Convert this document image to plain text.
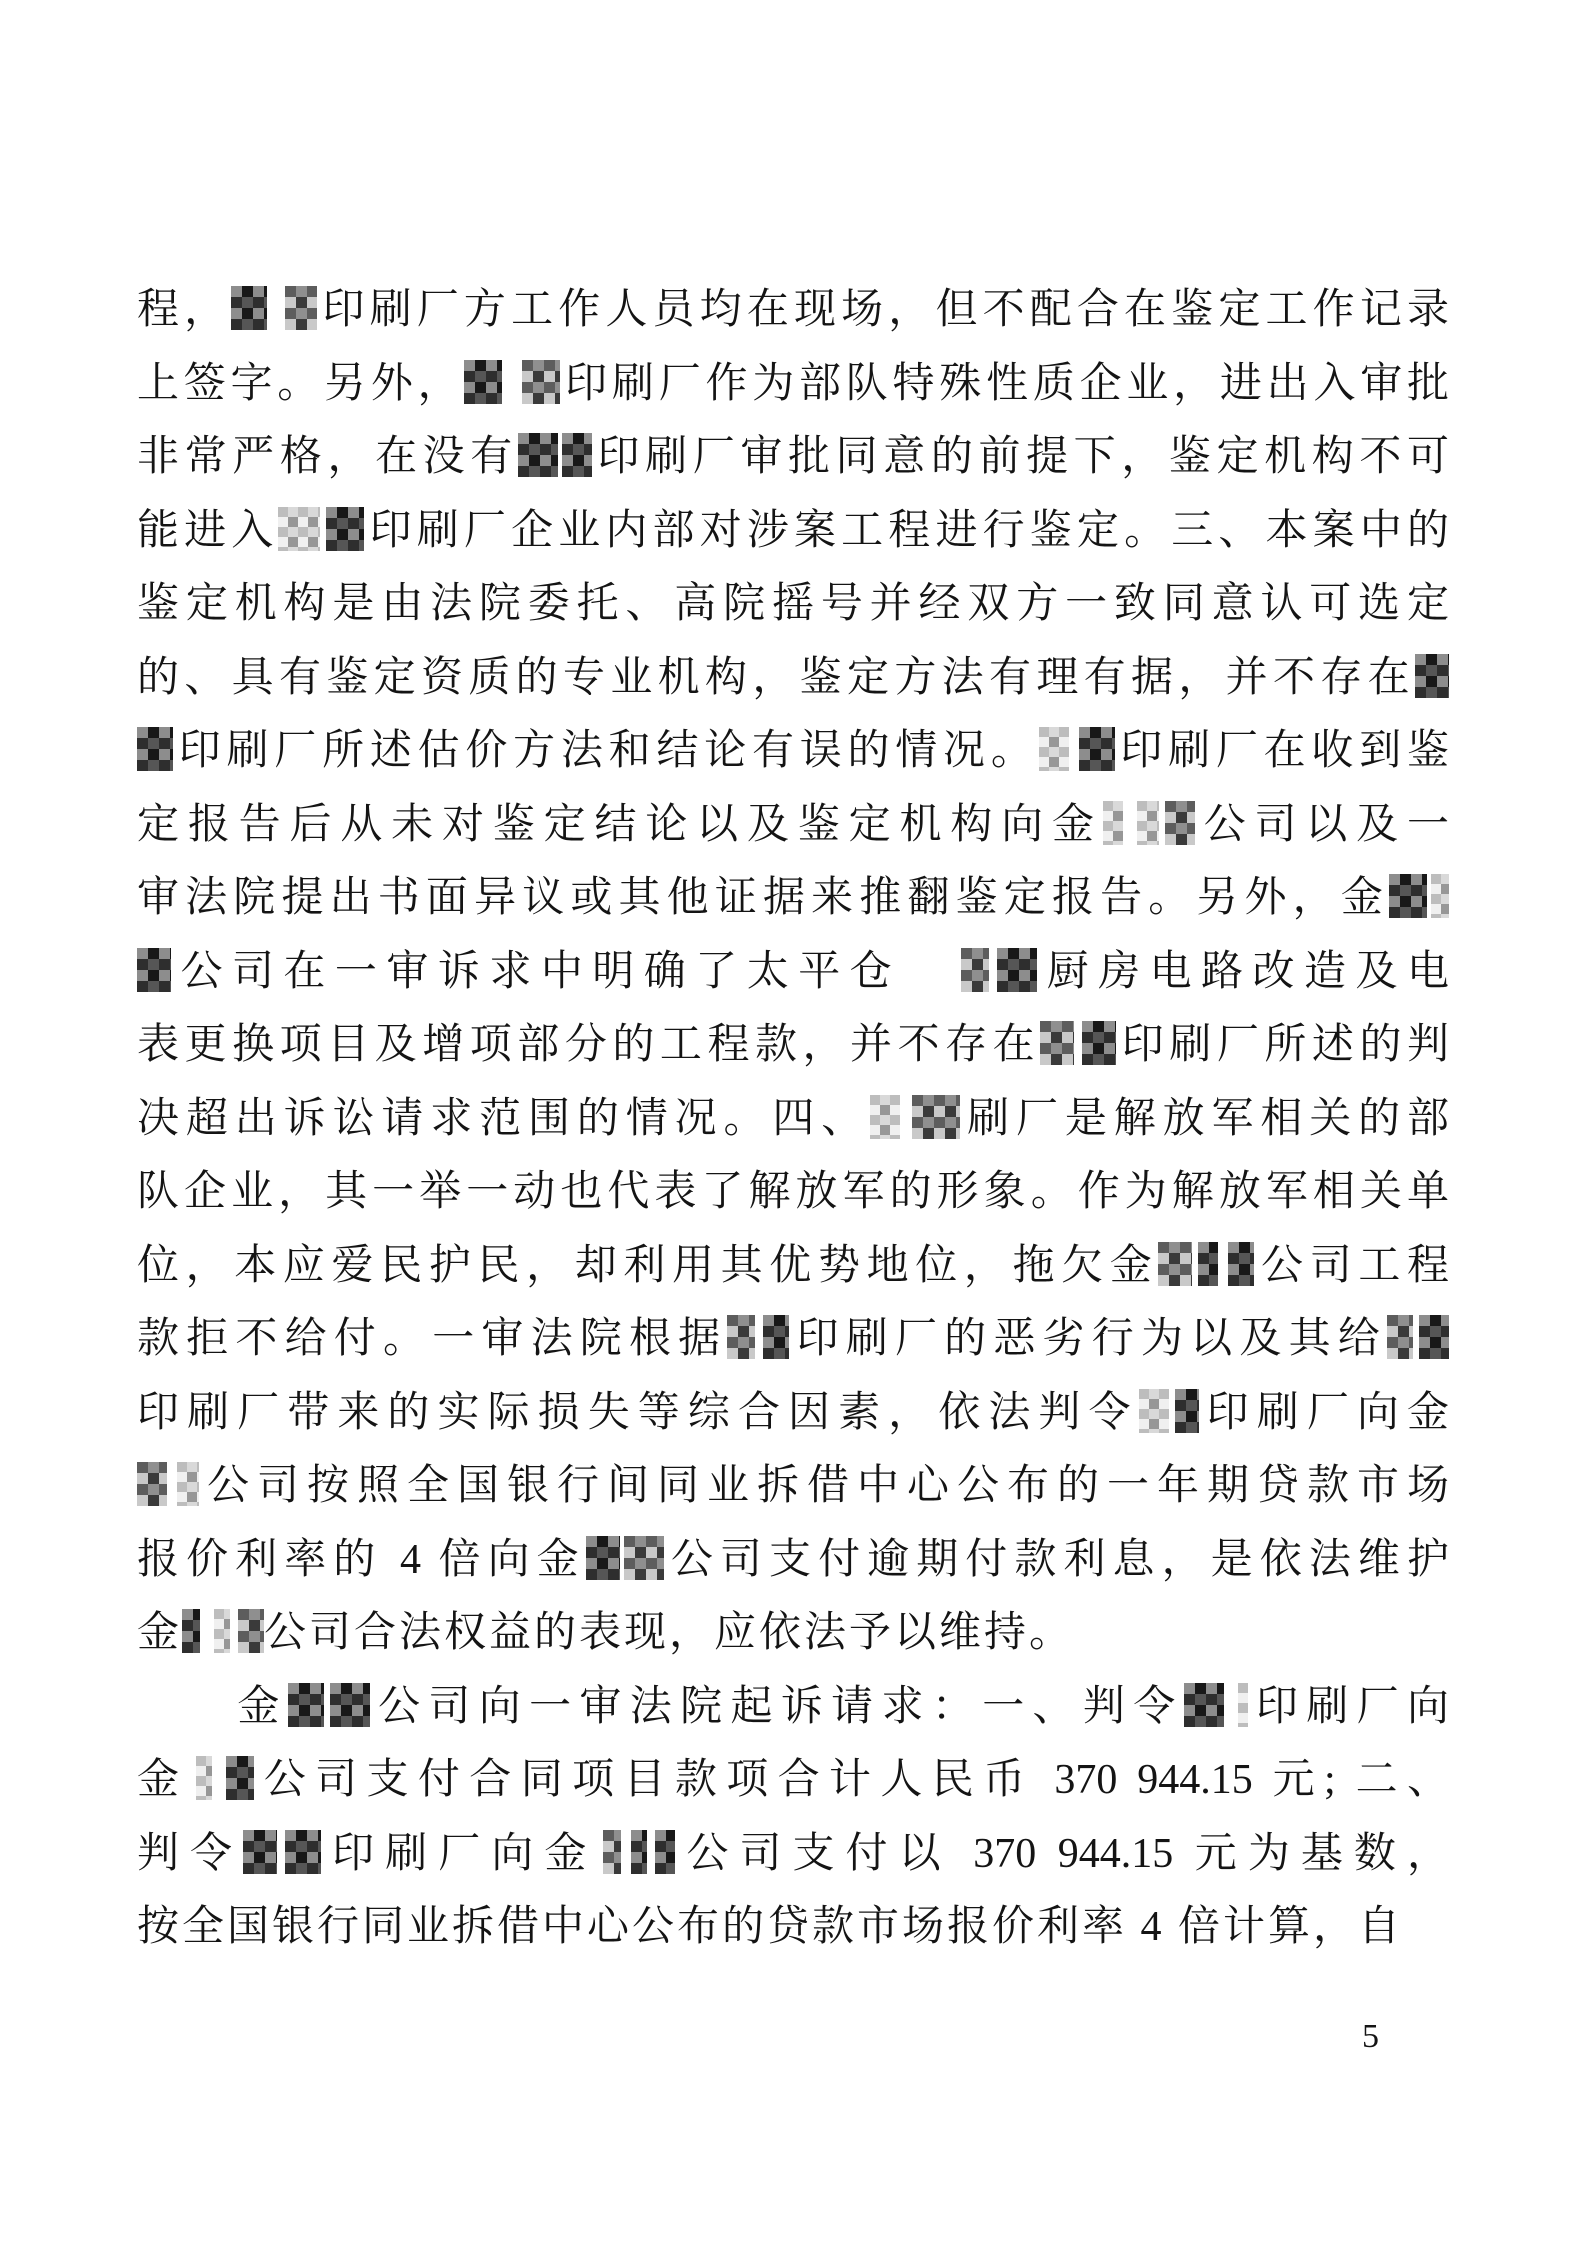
程， 印刷厂方工作人员均在现场，但不配合在鉴定工作记录
上签字。另外， 印刷厂作为部队特殊性质企业，进出入审批
非常严格，在没有 印刷厂审批同意的前提下，鉴定机构不可
能进入 印刷厂企业内部对涉案工程进行鉴定。三、本案中的
鉴定机构是由法院委托、高院摇号并经双方一致同意认可选定
的、具有鉴定资质的专业机构，鉴定方法有理有据，并不存在
印刷厂所述估价方法和结论有误的情况。 印刷厂在收到鉴
定报告后从未对鉴定结论以及鉴定机构向金 公司以及一
审法院提出书面异议或其他证据来推翻鉴定报告。另外，金
公司在一审诉求中明确了太平仓	厨房电路改造及电
表更换项目及增项部分的工程款，并不存在 印刷厂所述的判
决超出诉讼请求范围的情况。四、 刷厂是解放军相关的部
队企业，其一举一动也代表了解放军的形象。作为解放军相关单
位，本应爱民护民，却利用其优势地位，拖欠金 公司工程
款拒不给付。一审法院根据 印刷厂的恶劣行为以及其给
印刷厂带来的实际损失等综合因素，依法判令 印刷厂向金
公司按照全国银行间同业拆借中心公布的一年期贷款市场
报价利率的 4 倍向金 公司支付逾期付款利息，是依法维护
金 公司合法权益的表现，应依法予以维持。
金 公司向一审法院起诉请求：一、判令 印刷厂向
金 公司支付合同项目款项合计人民币 370 944.15 元; 二、
判令 印刷厂向金 公司支付以 370 944.15 元为基数，
按全国银行同业拆借中心公布的贷款市场报价利率 4 倍计算，自
5
